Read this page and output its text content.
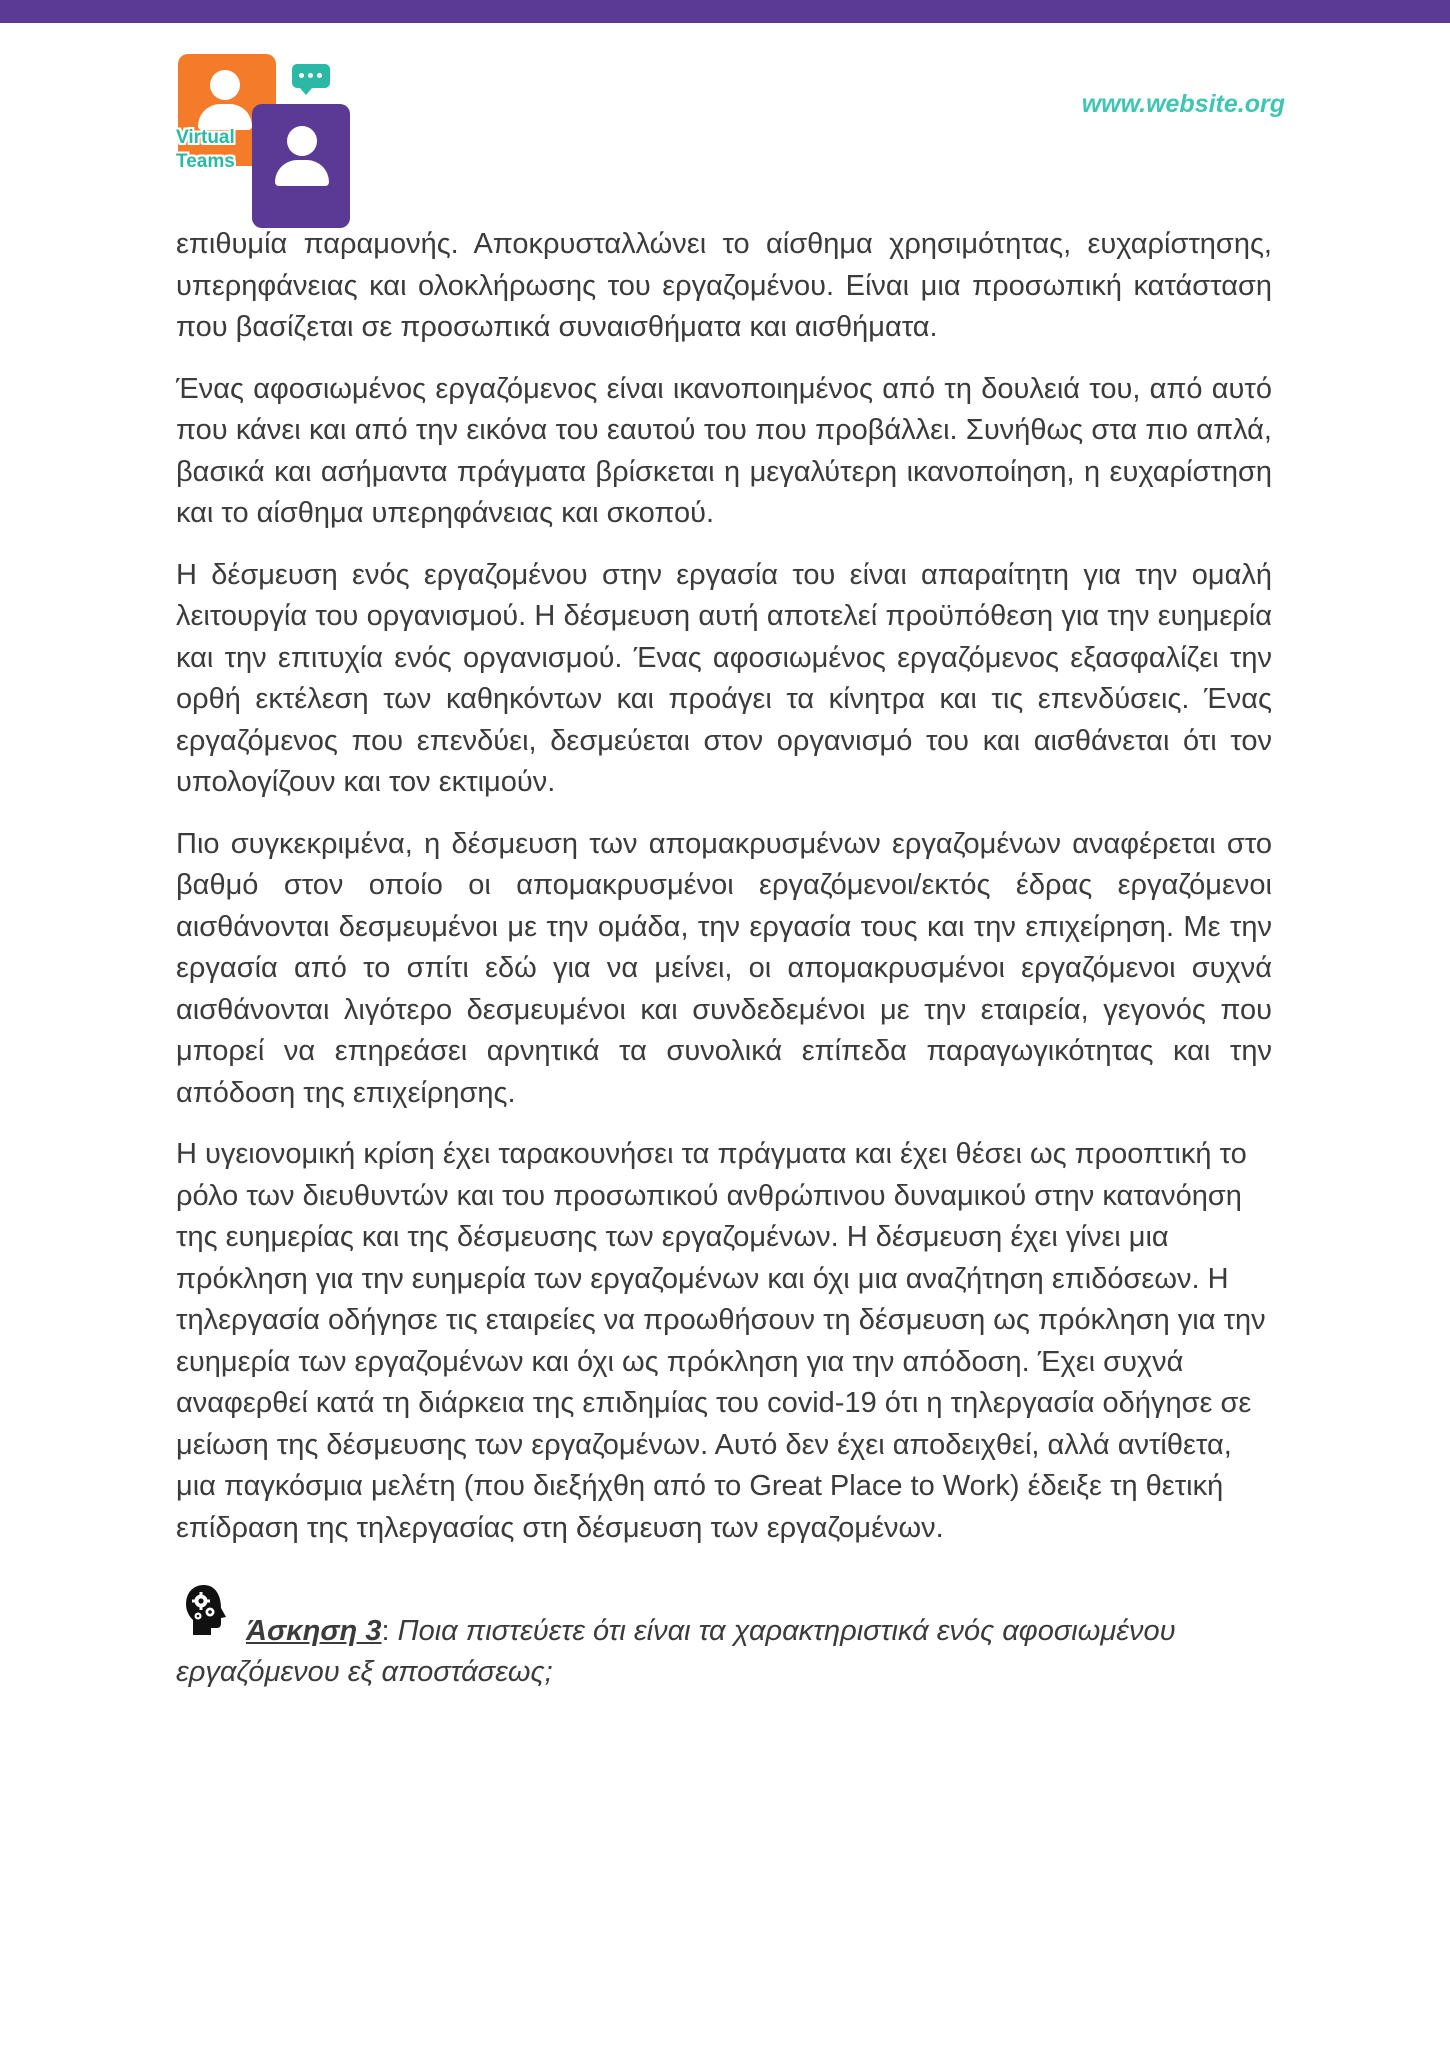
Virtual
Teams
www.website.org

επιθυμία παραμονής. Αποκρυσταλλώνει το αίσθημα χρησιμότητας, ευχαρίστησης, υπερηφάνειας και ολοκλήρωσης του εργαζομένου. Είναι μια προσωπική κατάσταση που βασίζεται σε προσωπικά συναισθήματα και αισθήματα.

Ένας αφοσιωμένος εργαζόμενος είναι ικανοποιημένος από τη δουλειά του, από αυτό που κάνει και από την εικόνα του εαυτού του που προβάλλει. Συνήθως στα πιο απλά, βασικά και ασήμαντα πράγματα βρίσκεται η μεγαλύτερη ικανοποίηση, η ευχαρίστηση και το αίσθημα υπερηφάνειας και σκοπού.

Η δέσμευση ενός εργαζομένου στην εργασία του είναι απαραίτητη για την ομαλή λειτουργία του οργανισμού. Η δέσμευση αυτή αποτελεί προϋπόθεση για την ευημερία και την επιτυχία ενός οργανισμού. Ένας αφοσιωμένος εργαζόμενος εξασφαλίζει την ορθή εκτέλεση των καθηκόντων και προάγει τα κίνητρα και τις επενδύσεις. Ένας εργαζόμενος που επενδύει, δεσμεύεται στον οργανισμό του και αισθάνεται ότι τον υπολογίζουν και τον εκτιμούν.

Πιο συγκεκριμένα, η δέσμευση των απομακρυσμένων εργαζομένων αναφέρεται στο βαθμό στον οποίο οι απομακρυσμένοι εργαζόμενοι/εκτός έδρας εργαζόμενοι αισθάνονται δεσμευμένοι με την ομάδα, την εργασία τους και την επιχείρηση. Με την εργασία από το σπίτι εδώ για να μείνει, οι απομακρυσμένοι εργαζόμενοι συχνά αισθάνονται λιγότερο δεσμευμένοι και συνδεδεμένοι με την εταιρεία, γεγονός που μπορεί να επηρεάσει αρνητικά τα συνολικά επίπεδα παραγωγικότητας και την απόδοση της επιχείρησης.

Η υγειονομική κρίση έχει ταρακουνήσει τα πράγματα και έχει θέσει ως προοπτική το ρόλο των διευθυντών και του προσωπικού ανθρώπινου δυναμικού στην κατανόηση της ευημερίας και της δέσμευσης των εργαζομένων. Η δέσμευση έχει γίνει μια πρόκληση για την ευημερία των εργαζομένων και όχι μια αναζήτηση επιδόσεων. Η τηλεργασία οδήγησε τις εταιρείες να προωθήσουν τη δέσμευση ως πρόκληση για την ευημερία των εργαζομένων και όχι ως πρόκληση για την απόδοση. Έχει συχνά αναφερθεί κατά τη διάρκεια της επιδημίας του covid-19 ότι η τηλεργασία οδήγησε σε μείωση της δέσμευσης των εργαζομένων. Αυτό δεν έχει αποδειχθεί, αλλά αντίθετα, μια παγκόσμια μελέτη (που διεξήχθη από το Great Place to Work) έδειξε τη θετική επίδραση της τηλεργασίας στη δέσμευση των εργαζομένων.

Άσκηση 3: Ποια πιστεύετε ότι είναι τα χαρακτηριστικά ενός αφοσιωμένου εργαζόμενου εξ αποστάσεως;
